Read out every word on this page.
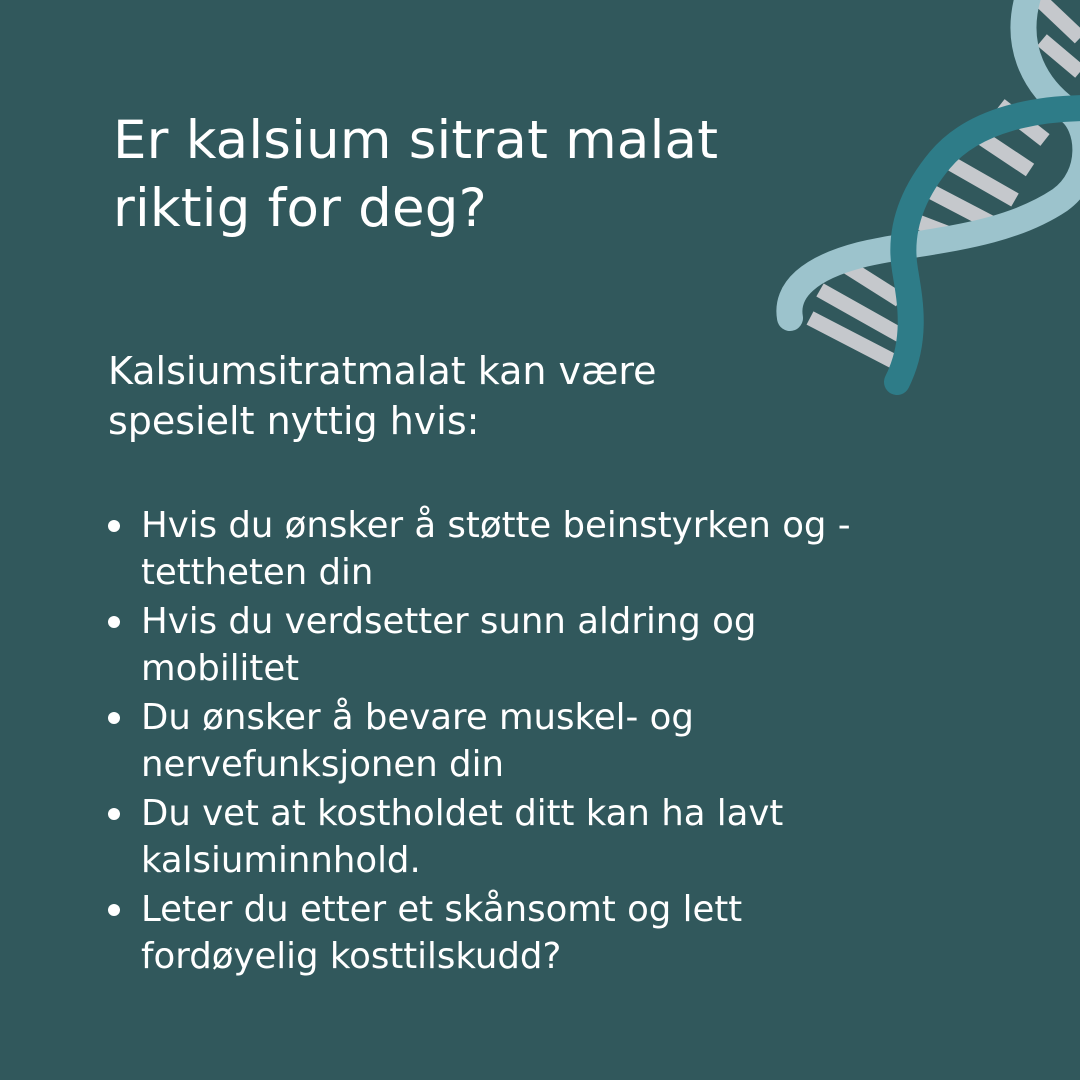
Er kalsium sitrat malat
riktig for deg?

Kalsiumsitratmalat kan være
spesielt nyttig hvis:

Hvis du ønsker å støtte beinstyrken og -
tettheten din
Hvis du verdsetter sunn aldring og
mobilitet
Du ønsker å bevare muskel- og
nervefunksjonen din
Du vet at kostholdet ditt kan ha lavt
kalsiuminnhold.
Leter du etter et skånsomt og lett
fordøyelig kosttilskudd?
